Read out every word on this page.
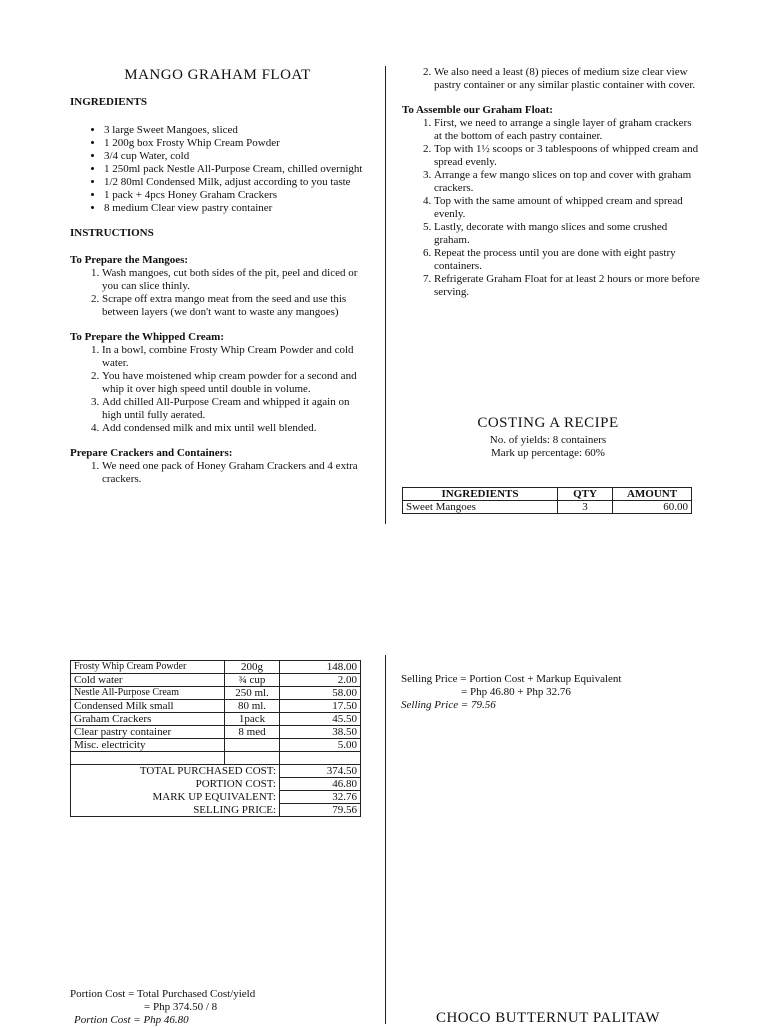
MANGO GRAHAM FLOAT
INGREDIENTS
• 3 large Sweet Mangoes, sliced
• 1 200g box Frosty Whip Cream Powder
• 3/4 cup Water, cold
• 1 250ml pack Nestle All-Purpose Cream, chilled overnight
• 1/2 80ml Condensed Milk, adjust according to you taste
• 1 pack + 4pcs Honey Graham Crackers
• 8 medium Clear view pastry container
INSTRUCTIONS
To Prepare the Mangoes:
1. Wash mangoes, cut both sides of the pit, peel and diced or you can slice thinly.
2. Scrape off extra mango meat from the seed and use this between layers (we don't want to waste any mangoes)
To Prepare the Whipped Cream:
1. In a bowl, combine Frosty Whip Cream Powder and cold water.
2. You have moistened whip cream powder for a second and whip it over high speed until double in volume.
3. Add chilled All-Purpose Cream and whipped it again on high until fully aerated.
4. Add condensed milk and mix until well blended.
Prepare Crackers and Containers:
1. We need one pack of Honey Graham Crackers and 4 extra crackers.
2. We also need a least (8) pieces of medium size clear view pastry container or any similar plastic container with cover.
To Assemble our Graham Float:
1. First, we need to arrange a single layer of graham crackers at the bottom of each pastry container.
2. Top with 1½ scoops or 3 tablespoons of whipped cream and spread evenly.
3. Arrange a few mango slices on top and cover with graham crackers.
4. Top with the same amount of whipped cream and spread evenly.
5. Lastly, decorate with mango slices and some crushed graham.
6. Repeat the process until you are done with eight pastry containers.
7. Refrigerate Graham Float for at least 2 hours or more before serving.
COSTING A RECIPE
No. of yields: 8 containers
Mark up percentage: 60%
INGREDIENTS	QTY	AMOUNT
Sweet Mangoes	3	60.00
Frosty Whip Cream Powder	200g	148.00
Cold water	¾ cup	2.00
Nestle All-Purpose Cream	250 ml.	58.00
Condensed Milk small	80 ml.	17.50
Graham Crackers	1pack	45.50
Clear pastry container	8 med	38.50
Misc. electricity		5.00

TOTAL PURCHASED COST:		374.50
PORTION COST:		46.80
MARK UP EQUIVALENT:		32.76
SELLING PRICE:		79.56
Selling Price = Portion Cost + Markup Equivalent
= Php 46.80 + Php 32.76
Selling Price = 79.56
Portion Cost = Total Purchased Cost/yield
= Php 374.50 / 8
Portion Cost = Php 46.80	CHOCO BUTTERNUT PALITAW
